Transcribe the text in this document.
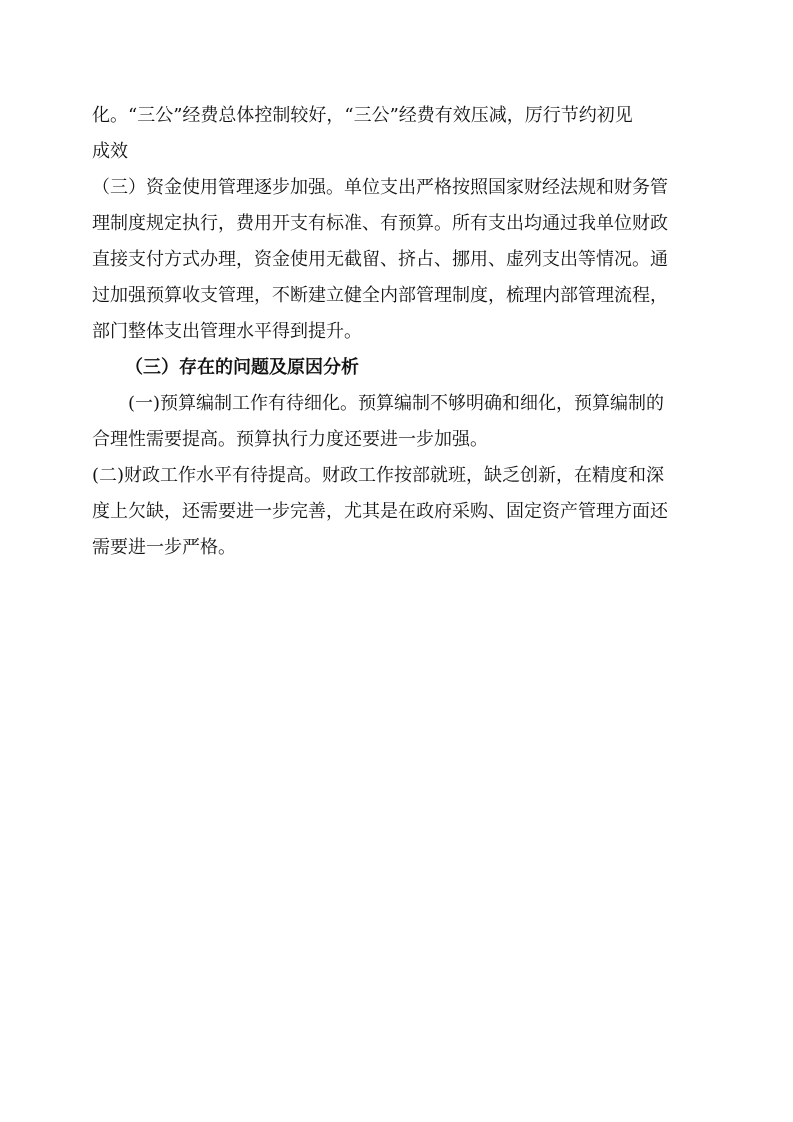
化。“三公”经费总体控制较好，“三公”经费有效压减，厉行节约初见
成效
（三）资金使用管理逐步加强。单位支出严格按照国家财经法规和财务管
理制度规定执行，费用开支有标准、有预算。所有支出均通过我单位财政
直接支付方式办理，资金使用无截留、挤占、挪用、虚列支出等情况。通
过加强预算收支管理，不断建立健全内部管理制度，梳理内部管理流程，
部门整体支出管理水平得到提升。
（三）存在的问题及原因分析
(一)预算编制工作有待细化。预算编制不够明确和细化，预算编制的
合理性需要提高。预算执行力度还要进一步加强。
(二)财政工作水平有待提高。财政工作按部就班，缺乏创新，在精度和深
度上欠缺，还需要进一步完善，尤其是在政府采购、固定资产管理方面还
需要进一步严格。
